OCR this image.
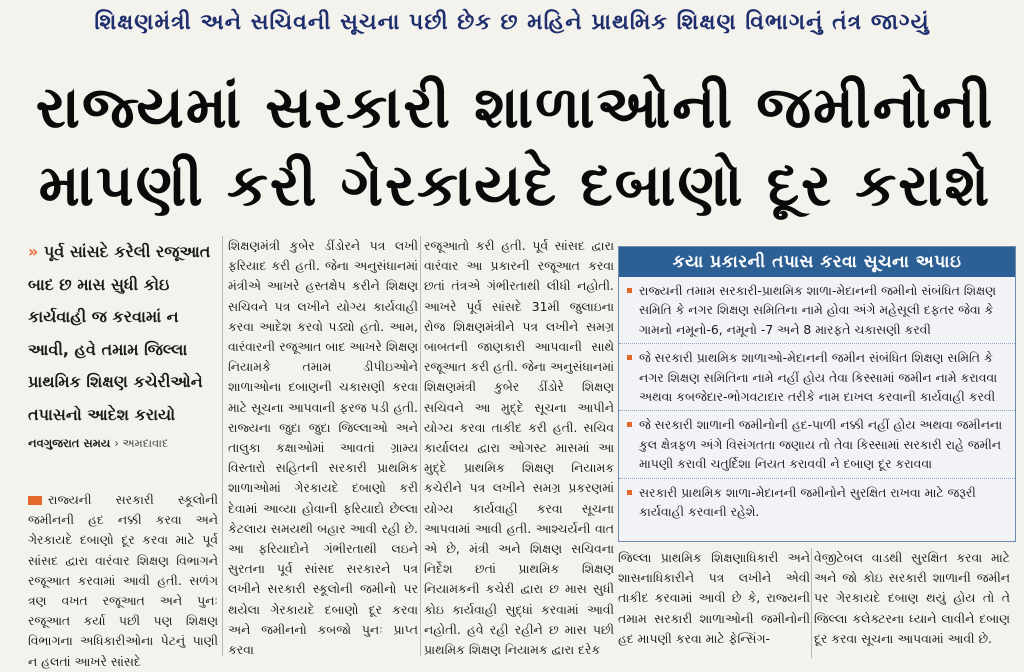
શિક્ષણમંત્રી અને સચિવની સૂચના પછી છેક છ મહિને પ્રાથમિક શિક્ષણ વિભાગનું તંત્ર જાગ્યું
રાજ્યમાં સરકારી શાળાઓની જમીનોની
માપણી કરી ગેરકાયદે દબાણો દૂર કરાશે
» પૂર્વ સાંસદે કરેલી રજૂઆત બાદ છ માસ સુધી કોઇ કાર્યવાહી જ કરવામાં ન આવી, હવે તમામ જિલ્લા પ્રાથમિક શિક્ષણ કચેરીઓને તપાસનો આદેશ કરાયો
નવગુજરાત સમય › અમદાવાદ
રાજ્યની સરકારી સ્કૂલોની જમીનની હદ નક્કી કરવા અને ગેરકાયદે દબાણો દૂર કરવા માટે પૂર્વ સાંસદ દ્વારા વારંવાર શિક્ષણ વિભાગને રજૂઆત કરવામાં આવી હતી. સળંગ ત્રણ વખત રજૂઆત અને પુનઃ રજૂઆત કર્યા પછી પણ શિક્ષણ વિભાગના અધિકારીઓના પેટનું પાણી ન હલતાં આખરે સાંસદે

શિક્ષણમંત્રી કુબેર ડીંડોરને પત્ર લખી ફરિયાદ કરી હતી. જેના અનુસંધાનમાં મંત્રીએ આખરે હસ્તક્ષેપ કરીને શિક્ષણ સચિવને પત્ર લખીને યોગ્ય કાર્યવાહી કરવા આદેશ કરવો પડ્યો હતો. આમ, વારંવારની રજૂઆત બાદ આખરે શિક્ષણ નિયામકે તમામ ડીપીઇઓને શાળાઓના દબાણની ચકાસણી કરવા માટે સૂચના આપવાની ફરજ પડી હતી. રાજ્યના જુદા જુદા જિલ્લાઓ અને તાલુકા કક્ષાઓમાં આવતાં ગ્રામ્ય વિસ્તારો સહિતની સરકારી પ્રાથમિક શાળાઓમાં ગેરકાયદે દબાણો કરી દેવામાં આવ્યા હોવાની ફરિયાદો છેલ્લા કેટલાય સમયથી બહાર આવી રહી છે. આ ફરિયાદોને ગંભીરતાથી લઇને સુરતના પૂર્વ સાંસદ સરકારને પત્ર લખીને સરકારી સ્કૂલોની જમીનો પર થયેલા ગેરકાયદે દબાણો દૂર કરવા અને જમીનનો કબજો પુનઃ પ્રાપ્ત કરવા

રજૂઆતો કરી હતી. પૂર્વ સાંસદ દ્વારા વારંવાર આ પ્રકારની રજૂઆત કરવા છતાં તંત્રએ ગંભીરતાથી લીધી નહોતી. આખરે પૂર્વ સાંસદે 31મી જુલાઇના રોજ શિક્ષણમંત્રીને પત્ર લખીને સમગ્ર બાબતની જાણકારી આપવાની સાથે રજૂઆત કરી હતી. જેના અનુસંધાનમાં શિક્ષણમંત્રી કુબેર ડીંડોરે શિક્ષણ સચિવને આ મુદ્દે સૂચના આપીને યોગ્ય કરવા તાકીદ કરી હતી. સચિવ કાર્યાલય દ્વારા ઓગસ્ટ માસમાં આ મુદ્દે પ્રાથમિક શિક્ષણ નિયામક કચેરીને પત્ર લખીને સમગ્ર પ્રકરણમાં યોગ્ય કાર્યવાહી કરવા સૂચના આપવામાં આવી હતી. આશ્ચર્યની વાત એ છે, મંત્રી અને શિક્ષણ સચિવના નિર્દેશ છતાં પ્રાથમિક શિક્ષણ નિયામકની કચેરી દ્વારા છ માસ સુધી કોઇ કાર્યવાહી સુદ્ધાં કરવામાં આવી નહોતી. હવે રહી રહીને છ માસ પછી પ્રાથમિક શિક્ષણ નિયામક દ્વારા દરેક

કયા પ્રકારની તપાસ કરવા સૂચના અપાઇ
રાજ્યની તમામ સરકારી-પ્રાથમિક શાળા-મેદાનની જમીનો સંબંધિત શિક્ષણ સમિતિ કે નગર શિક્ષણ સમિતિના નામે હોવા અંગે મહેસૂલી દફતર જેવા કે ગામનો નમૂનો-6, નમૂનો -7 અને 8 મારફતે ચકાસણી કરવી
જે સરકારી પ્રાથમિક શાળાઓ-મેદાનની જમીન સંબંધિત શિક્ષણ સમિતિ કે નગર શિક્ષણ સમિતિના નામે નહીં હોય તેવા કિસ્સામાં જમીન નામે કરાવવા અથવા કબજેદાર-ભોગવટાદાર તરીકે નામ દાખલ કરવાની કાર્યવાહી કરવી
જે સરકારી શાળાની જમીનોની હદ-પાળી નક્કી નહીં હોય અથવા જમીનના કુલ ક્ષેત્રફળ અંગે વિસંગતતા જણાય તો તેવા કિસ્સામાં સરકારી રાહે જમીન માપણી કરાવી ચતુર્દિશા નિયત કરાવવી ને દબાણ દૂર કરાવવા
સરકારી પ્રાથમિક શાળા-મેદાનની જમીનોને સુરક્ષિત રાખવા માટે જરૂરી કાર્યવાહી કરવાની રહેશે.

જિલ્લા પ્રાથમિક શિક્ષણાધિકારી અને શાસનાધિકારીને પત્ર લખીને એવી તાકીદ કરવામાં આવી છે કે, રાજ્યની તમામ સરકારી શાળાઓની જમીનોની હદ માપણી કરવા માટે ફેન્સિંગ-

વેજીટેબલ વાડથી સુરક્ષિત કરવા માટે અને જો કોઇ સરકારી શાળાની જમીન પર ગેરકાયદે દબાણ થયું હોય તો તે જિલ્લા કલેક્ટરના ધ્યાને લાવીને દબાણ દૂર કરવા સૂચના આપવામાં આવી છે.
